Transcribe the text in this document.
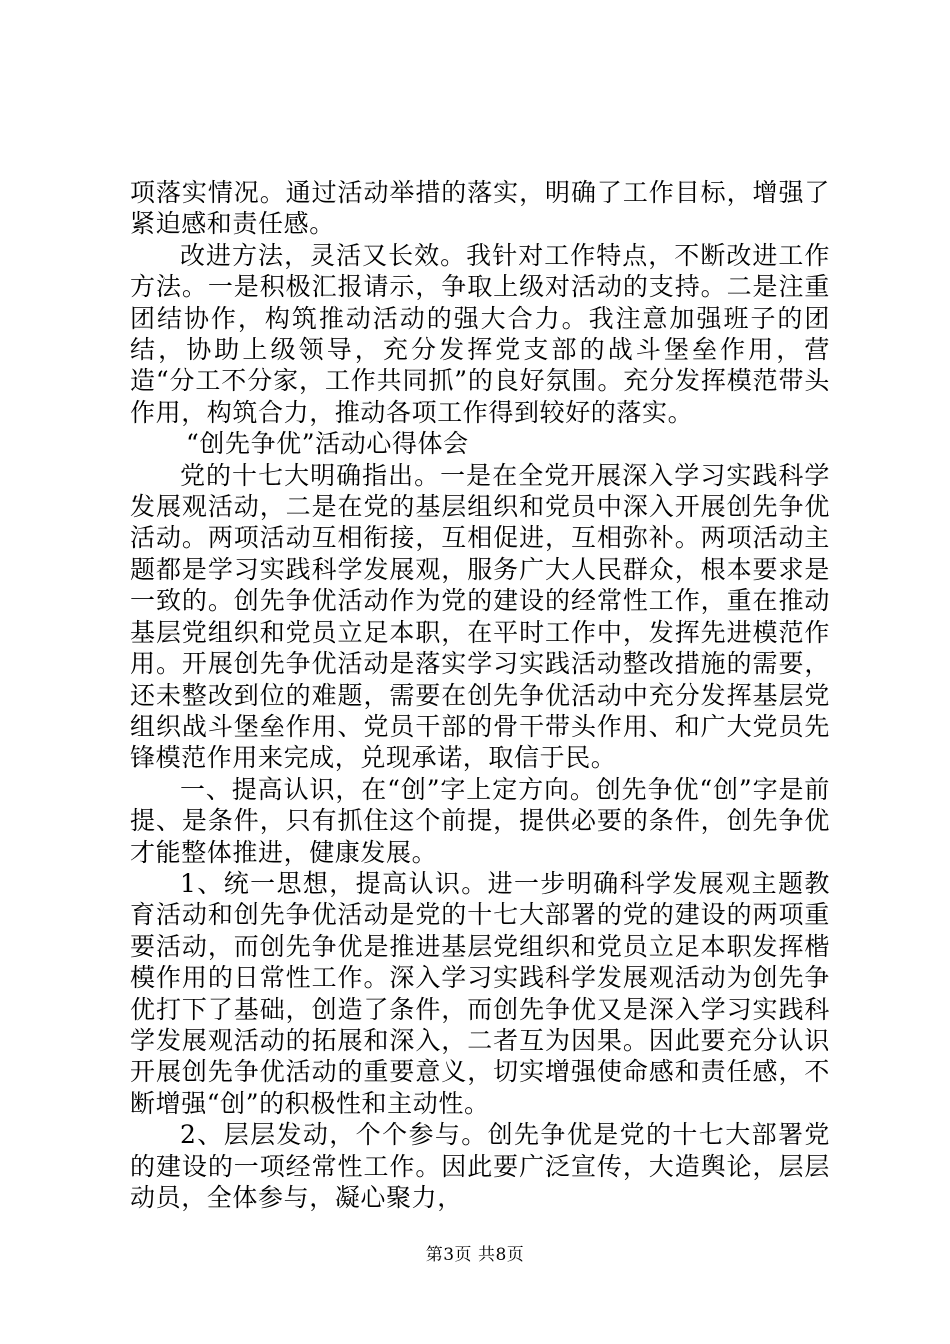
项落实情况。通过活动举措的落实，明确了工作目标，增强了紧迫感和责任感。

改进方法，灵活又长效。我针对工作特点，不断改进工作方法。一是积极汇报请示，争取上级对活动的支持。二是注重团结协作，构筑推动活动的强大合力。我注意加强班子的团结，协助上级领导，充分发挥党支部的战斗堡垒作用，营造“分工不分家，工作共同抓”的良好氛围。充分发挥模范带头作用，构筑合力，推动各项工作得到较好的落实。

“创先争优”活动心得体会

党的十七大明确指出。一是在全党开展深入学习实践科学发展观活动，二是在党的基层组织和党员中深入开展创先争优活动。两项活动互相衔接，互相促进，互相弥补。两项活动主题都是学习实践科学发展观，服务广大人民群众，根本要求是一致的。创先争优活动作为党的建设的经常性工作，重在推动基层党组织和党员立足本职，在平时工作中，发挥先进模范作用。开展创先争优活动是落实学习实践活动整改措施的需要，还未整改到位的难题，需要在创先争优活动中充分发挥基层党组织战斗堡垒作用、党员干部的骨干带头作用、和广大党员先锋模范作用来完成，兑现承诺，取信于民。

一、提高认识，在“创”字上定方向。创先争优“创”字是前提、是条件，只有抓住这个前提，提供必要的条件，创先争优才能整体推进，健康发展。

1、统一思想，提高认识。进一步明确科学发展观主题教育活动和创先争优活动是党的十七大部署的党的建设的两项重要活动，而创先争优是推进基层党组织和党员立足本职发挥楷模作用的日常性工作。深入学习实践科学发展观活动为创先争优打下了基础，创造了条件，而创先争优又是深入学习实践科学发展观活动的拓展和深入，二者互为因果。因此要充分认识开展创先争优活动的重要意义，切实增强使命感和责任感，不断增强“创”的积极性和主动性。

2、层层发动，个个参与。创先争优是党的十七大部署党的建设的一项经常性工作。因此要广泛宣传，大造舆论，层层动员，全体参与，凝心聚力，

第3页 共8页
